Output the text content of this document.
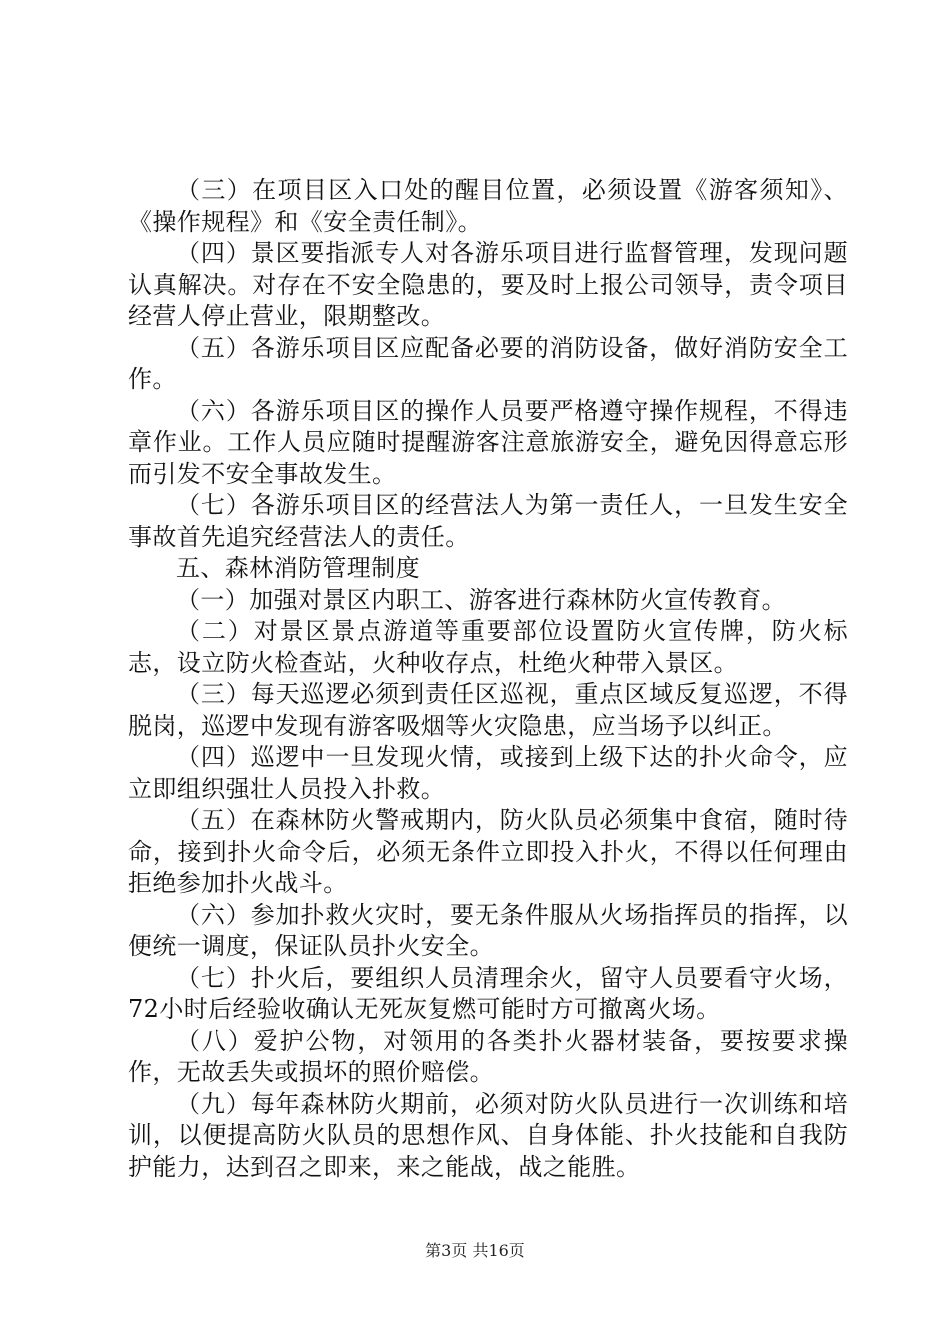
（三）在项目区入口处的醒目位置，必须设置《游客须知》、《操作规程》和《安全责任制》。

（四）景区要指派专人对各游乐项目进行监督管理，发现问题认真解决。对存在不安全隐患的，要及时上报公司领导，责令项目经营人停止营业，限期整改。

（五）各游乐项目区应配备必要的消防设备，做好消防安全工作。

（六）各游乐项目区的操作人员要严格遵守操作规程，不得违章作业。工作人员应随时提醒游客注意旅游安全，避免因得意忘形而引发不安全事故发生。

（七）各游乐项目区的经营法人为第一责任人，一旦发生安全事故首先追究经营法人的责任。

五、森林消防管理制度

（一）加强对景区内职工、游客进行森林防火宣传教育。

（二）对景区景点游道等重要部位设置防火宣传牌，防火标志，设立防火检查站，火种收存点，杜绝火种带入景区。

（三）每天巡逻必须到责任区巡视，重点区域反复巡逻，不得脱岗，巡逻中发现有游客吸烟等火灾隐患，应当场予以纠正。

（四）巡逻中一旦发现火情，或接到上级下达的扑火命令，应立即组织强壮人员投入扑救。

（五）在森林防火警戒期内，防火队员必须集中食宿，随时待命，接到扑火命令后，必须无条件立即投入扑火，不得以任何理由拒绝参加扑火战斗。

（六）参加扑救火灾时，要无条件服从火场指挥员的指挥，以便统一调度，保证队员扑火安全。

（七）扑火后，要组织人员清理余火，留守人员要看守火场，72小时后经验收确认无死灰复燃可能时方可撤离火场。

（八）爱护公物，对领用的各类扑火器材装备，要按要求操作，无故丢失或损坏的照价赔偿。

（九）每年森林防火期前，必须对防火队员进行一次训练和培训，以便提高防火队员的思想作风、自身体能、扑火技能和自我防护能力，达到召之即来，来之能战，战之能胜。

第3页 共16页
